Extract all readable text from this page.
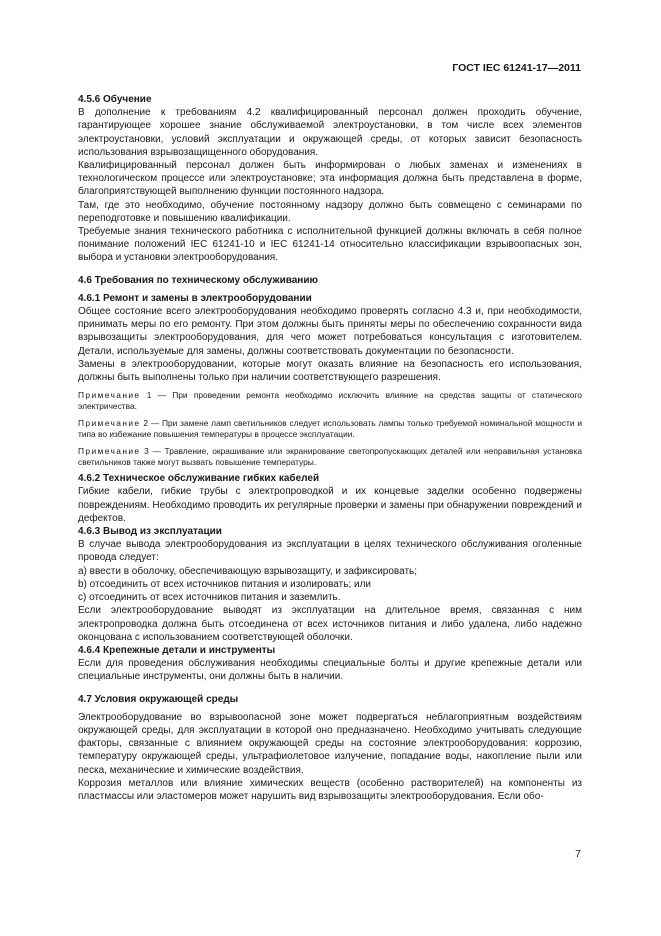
ГОСТ IEC 61241-17—2011

4.5.6 Обучение

В дополнение к требованиям 4.2 квалифицированный персонал должен проходить обучение, гарантирующее хорошее знание обслуживаемой электроустановки, в том числе всех элементов электроустановки, условий эксплуатации и окружающей среды, от которых зависит безопасность использования взрывозащищенного оборудования.

Квалифицированный персонал должен быть информирован о любых заменах и изменениях в технологическом процессе или электроустановке; эта информация должна быть представлена в форме, благоприятствующей выполнению функции постоянного надзора.

Там, где это необходимо, обучение постоянному надзору должно быть совмещено с семинарами по переподготовке и повышению квалификации.

Требуемые знания технического работника с исполнительной функцией должны включать в себя полное понимание положений IEC 61241-10 и IEC 61241-14 относительно классификации взрывоопасных зон, выбора и установки электрооборудования.

4.6 Требования по техническому обслуживанию

4.6.1 Ремонт и замены в электрооборудовании

Общее состояние всего электрооборудования необходимо проверять согласно 4.3 и, при необходимости, принимать меры по его ремонту. При этом должны быть приняты меры по обеспечению сохранности вида взрывозащиты электрооборудования, для чего может потребоваться консультация с изготовителем. Детали, используемые для замены, должны соответствовать документации по безопасности.

Замены в электрооборудовании, которые могут оказать влияние на безопасность его использования, должны быть выполнены только при наличии соответствующего разрешения.

Примечание 1 — При проведении ремонта необходимо исключить влияние на средства защиты от статического электричества.

Примечание 2 — При замене ламп светильников следует использовать лампы только требуемой номинальной мощности и типа во избежание повышения температуры в процессе эксплуатации.

Примечание 3 — Травление, окрашивание или экранирование светопропускающих деталей или неправильная установка светильников также могут вызвать повышение температуры.

4.6.2 Техническое обслуживание гибких кабелей

Гибкие кабели, гибкие трубы с электропроводкой и их концевые заделки особенно подвержены повреждениям. Необходимо проводить их регулярные проверки и замены при обнаружении повреждений и дефектов.

4.6.3 Вывод из эксплуатации

В случае вывода электрооборудования из эксплуатации в целях технического обслуживания оголенные провода следует:

а) ввести в оболочку, обеспечивающую взрывозащиту, и зафиксировать;

b) отсоединить от всех источников питания и изолировать; или

с) отсоединить от всех источников питания и заземлить.

Если электрооборудование выводят из эксплуатации на длительное время, связанная с ним электропроводка должна быть отсоединена от всех источников питания и либо удалена, либо надежно оконцована с использованием соответствующей оболочки.

4.6.4 Крепежные детали и инструменты

Если для проведения обслуживания необходимы специальные болты и другие крепежные детали или специальные инструменты, они должны быть в наличии.

4.7 Условия окружающей среды

Электрооборудование во взрывоопасной зоне может подвергаться неблагоприятным воздействиям окружающей среды, для эксплуатации в которой оно предназначено. Необходимо учитывать следующие факторы, связанные с влиянием окружающей среды на состояние электрооборудования: коррозию, температуру окружающей среды, ультрафиолетовое излучение, попадание воды, накопление пыли или песка, механические и химические воздействия.

Коррозия металлов или влияние химических веществ (особенно растворителей) на компоненты из пластмассы или эластомеров может нарушить вид взрывозащиты электрооборудования. Если обо-

7
